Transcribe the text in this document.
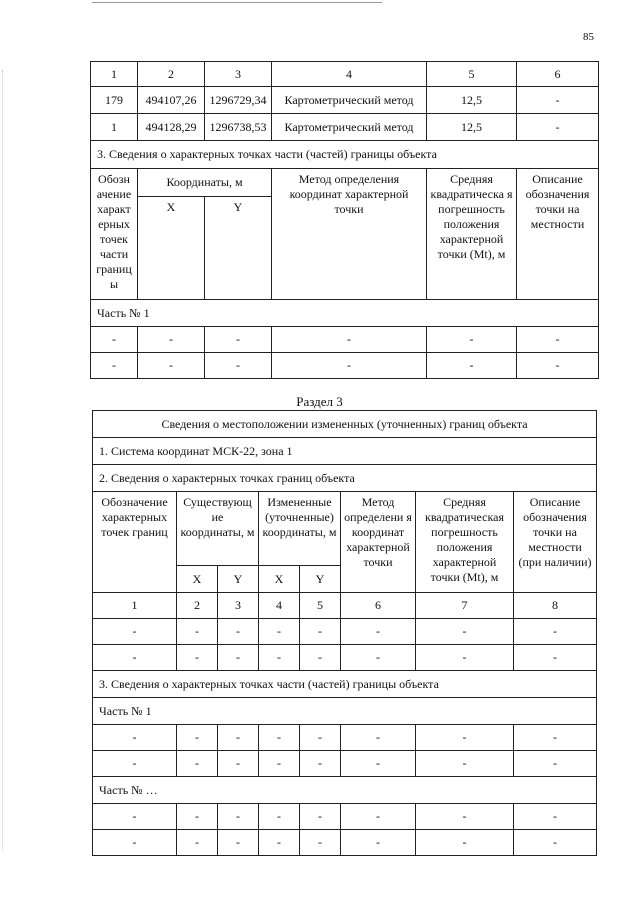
85
1	2	3	4	5	6
179	494107,26	1296729,34	Картометрический метод	12,5	-
1	494128,29	1296738,53	Картометрический метод	12,5	-
3. Сведения о характерных точках части (частей) границы объекта					
Обозн ачение характ ерных точек части границ ы	Координаты, м		Метод определения координат характерной точки	Средняя квадратическа я погрешность положения характерной точки (Mt), м	Описание обозначения точки на местности
	X	Y			
Часть № 1					
-	-	-	-	-	-
-	-	-	-	-	-
Раздел 3
Сведения о местоположении измененных (уточненных) границ объекта							
1. Система координат МСК-22, зона 1							
2. Сведения о характерных точках границ объекта							
Обозначение характерных точек границ	Существующ ие координаты, м		Измененные (уточненные) координаты, м		Метод определени я координат характерной точки	Средняя квадратическая погрешность положения характерной точки (Mt), м	Описание обозначения точки на местности (при наличии)
	X	Y	X	Y			
1	2	3	4	5	6	7	8
-	-	-	-	-	-	-	-
-	-	-	-	-	-	-	-
3. Сведения о характерных точках части (частей) границы объекта							
Часть № 1							
-	-	-	-	-	-	-	-
-	-	-	-	-	-	-	-
Часть № …							
-	-	-	-	-	-	-	-
-	-	-	-	-	-	-	-
